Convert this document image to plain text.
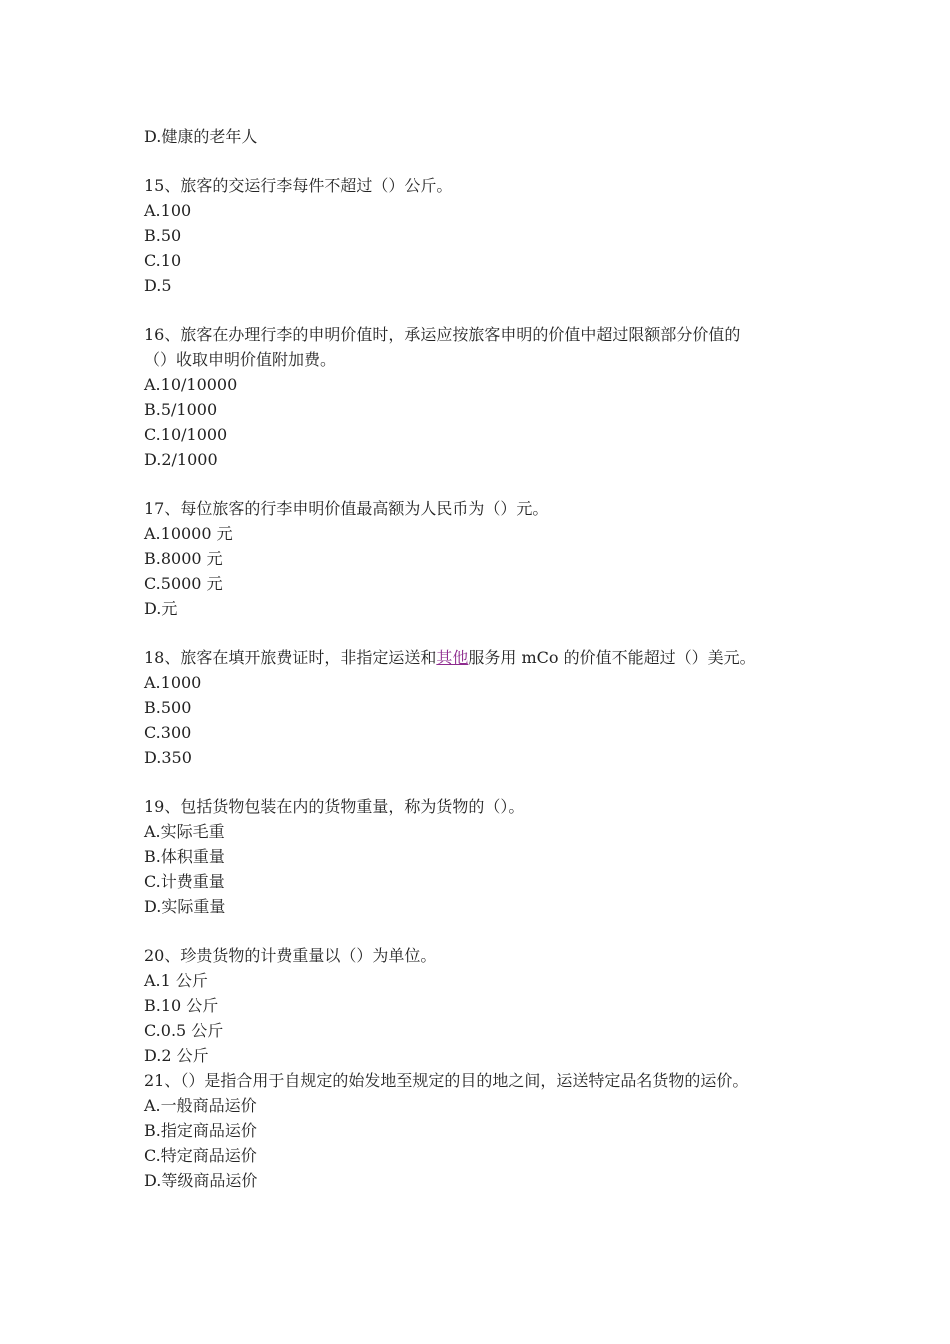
D.健康的老年人
15、旅客的交运行李每件不超过（）公斤。
A.100
B.50
C.10
D.5
16、旅客在办理行李的申明价值时，承运应按旅客申明的价值中超过限额部分价值的
（）收取申明价值附加费。
A.10/10000
B.5/1000
C.10/1000
D.2/1000
17、每位旅客的行李申明价值最高额为人民币为（）元。
A.10000 元
B.8000 元
C.5000 元
D.元
18、旅客在填开旅费证时，非指定运送和其他服务用 mCo 的价值不能超过（）美元。
A.1000
B.500
C.300
D.350
19、包括货物包装在内的货物重量，称为货物的（）。
A.实际毛重
B.体积重量
C.计费重量
D.实际重量
20、珍贵货物的计费重量以（）为单位。
A.1 公斤
B.10 公斤
C.0.5 公斤
D.2 公斤
21、（）是指合用于自规定的始发地至规定的目的地之间，运送特定品名货物的运价。
A.一般商品运价
B.指定商品运价
C.特定商品运价
D.等级商品运价
